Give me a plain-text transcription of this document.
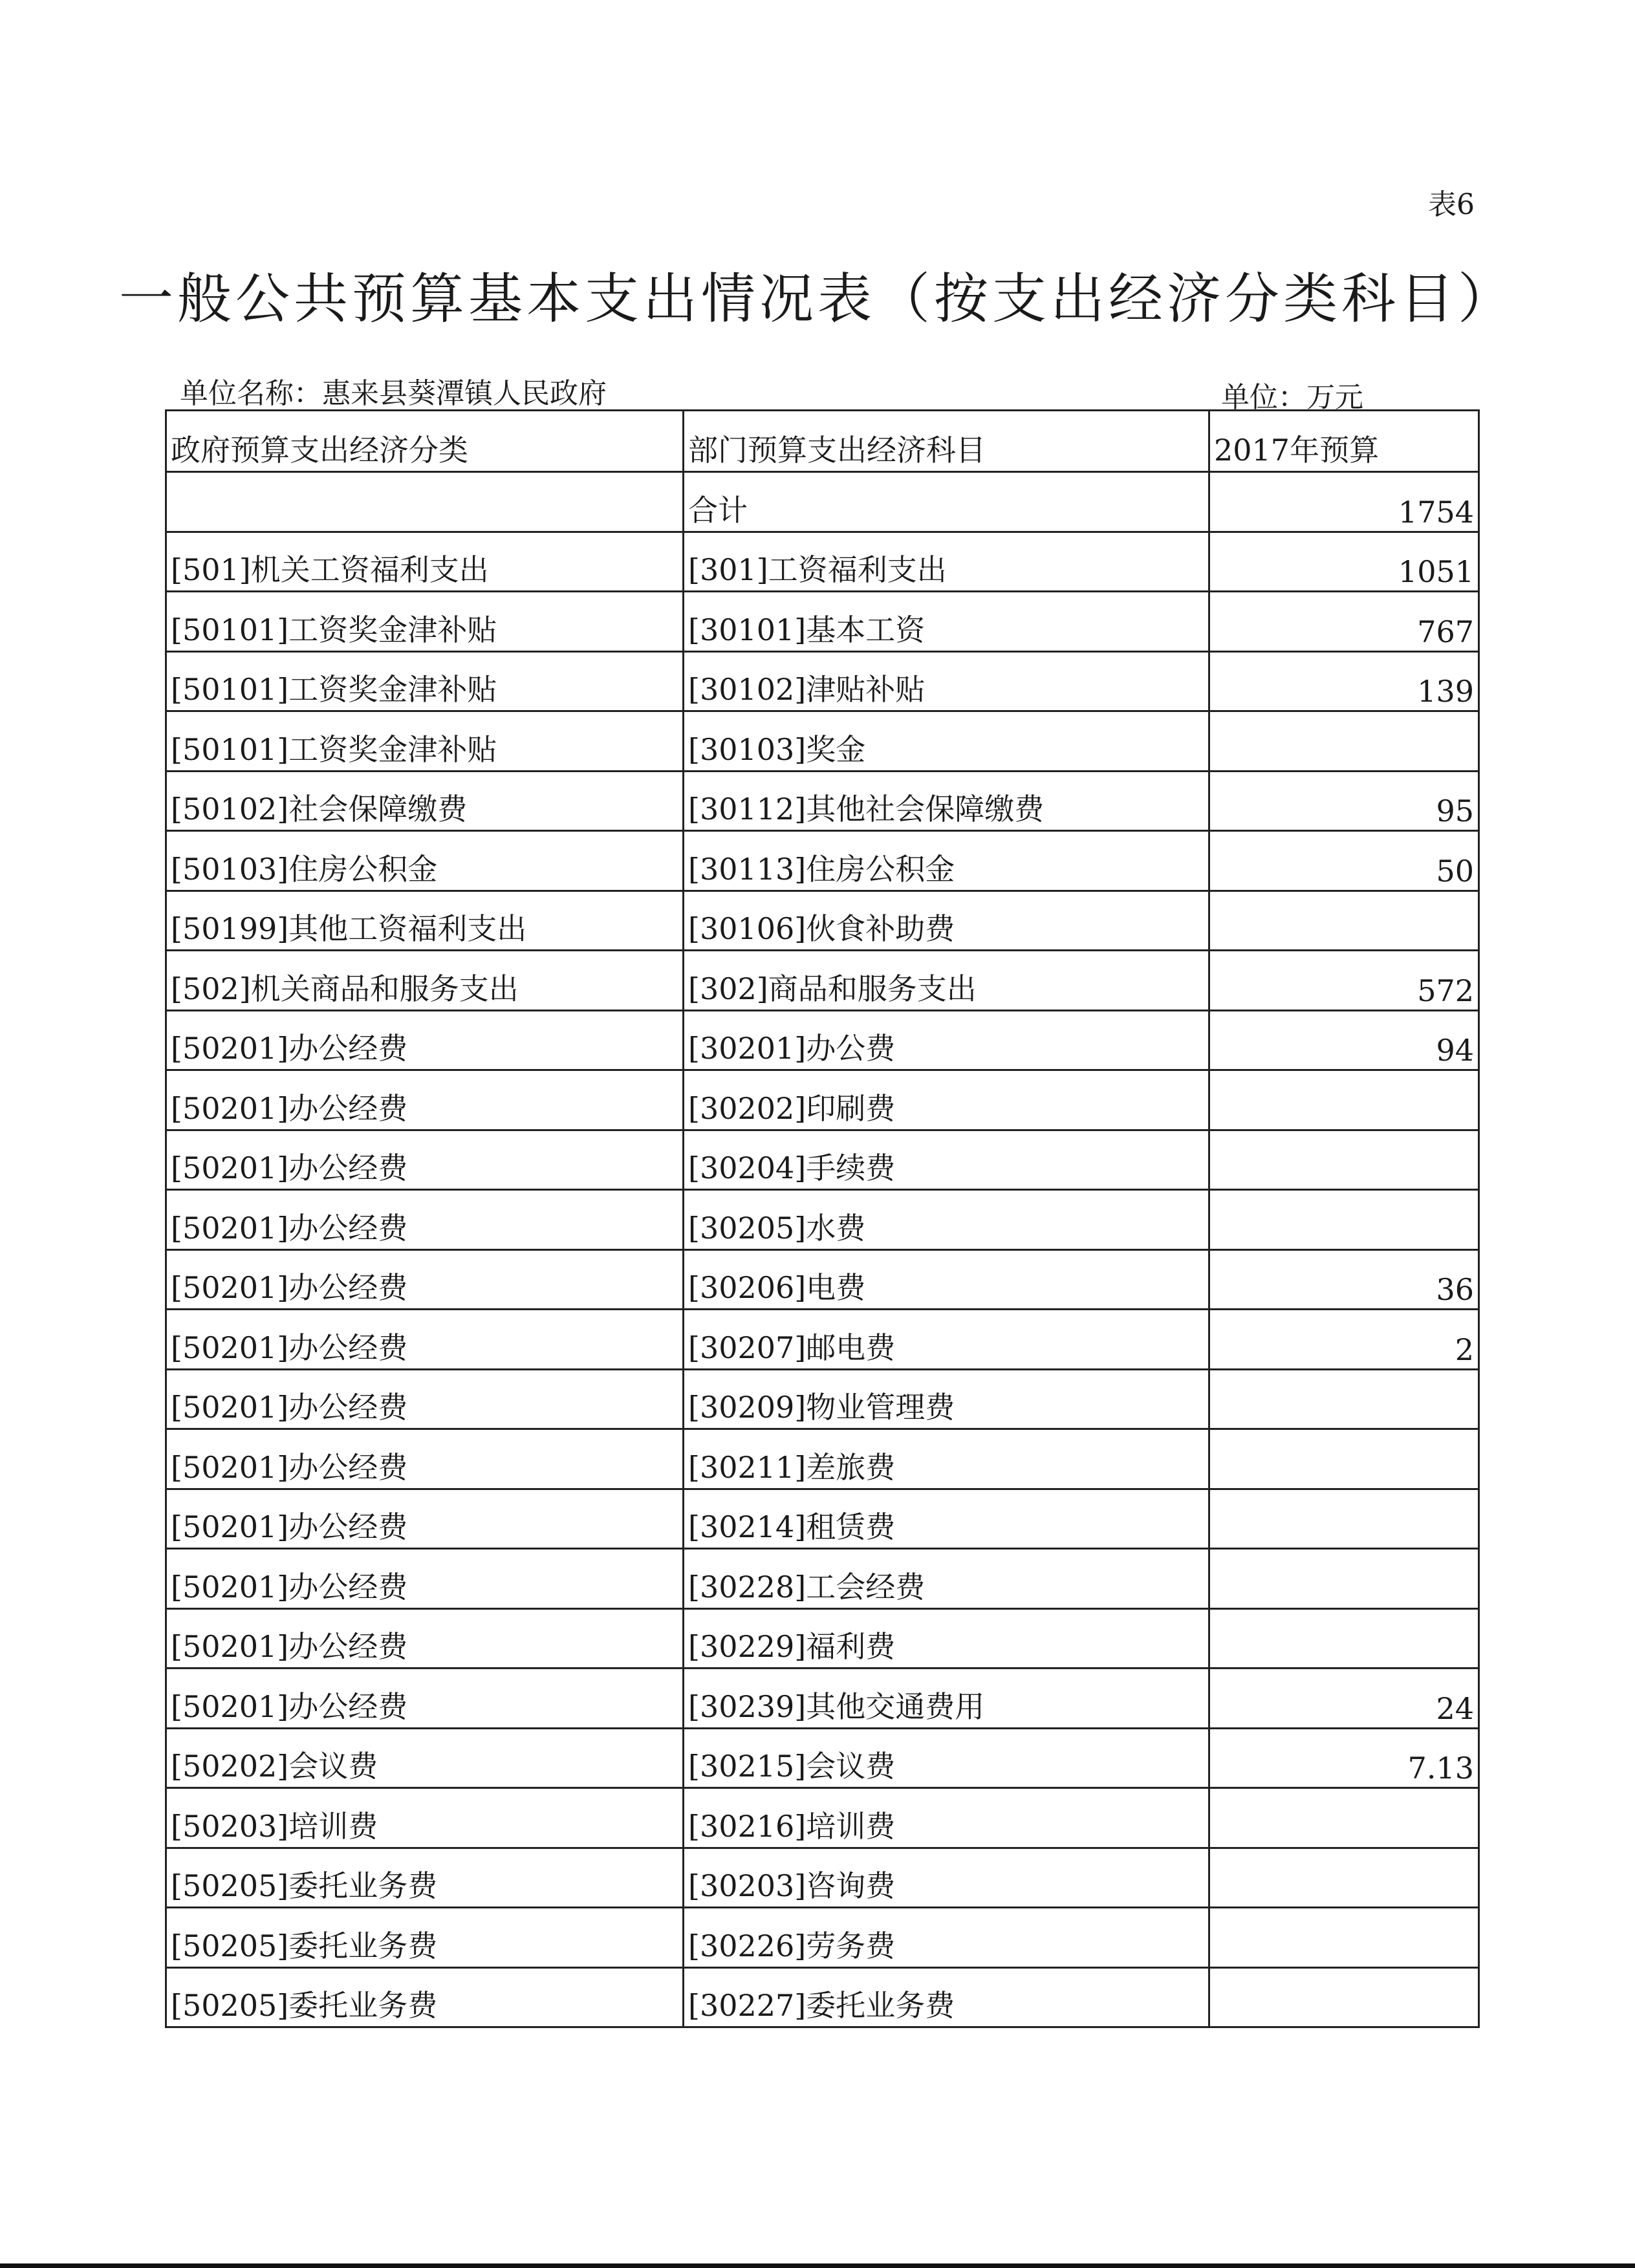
表6
一般公共预算基本支出情况表（按支出经济分类科目）
单位名称：惠来县葵潭镇人民政府	单位：万元
政府预算支出经济分类	部门预算支出经济科目	2017年预算
	合计	1754
[501]机关工资福利支出	[301]工资福利支出	1051
[50101]工资奖金津补贴	[30101]基本工资	767
[50101]工资奖金津补贴	[30102]津贴补贴	139
[50101]工资奖金津补贴	[30103]奖金	
[50102]社会保障缴费	[30112]其他社会保障缴费	95
[50103]住房公积金	[30113]住房公积金	50
[50199]其他工资福利支出	[30106]伙食补助费	
[502]机关商品和服务支出	[302]商品和服务支出	572
[50201]办公经费	[30201]办公费	94
[50201]办公经费	[30202]印刷费	
[50201]办公经费	[30204]手续费	
[50201]办公经费	[30205]水费	
[50201]办公经费	[30206]电费	36
[50201]办公经费	[30207]邮电费	2
[50201]办公经费	[30209]物业管理费	
[50201]办公经费	[30211]差旅费	
[50201]办公经费	[30214]租赁费	
[50201]办公经费	[30228]工会经费	
[50201]办公经费	[30229]福利费	
[50201]办公经费	[30239]其他交通费用	24
[50202]会议费	[30215]会议费	7.13
[50203]培训费	[30216]培训费	
[50205]委托业务费	[30203]咨询费	
[50205]委托业务费	[30226]劳务费	
[50205]委托业务费	[30227]委托业务费	
